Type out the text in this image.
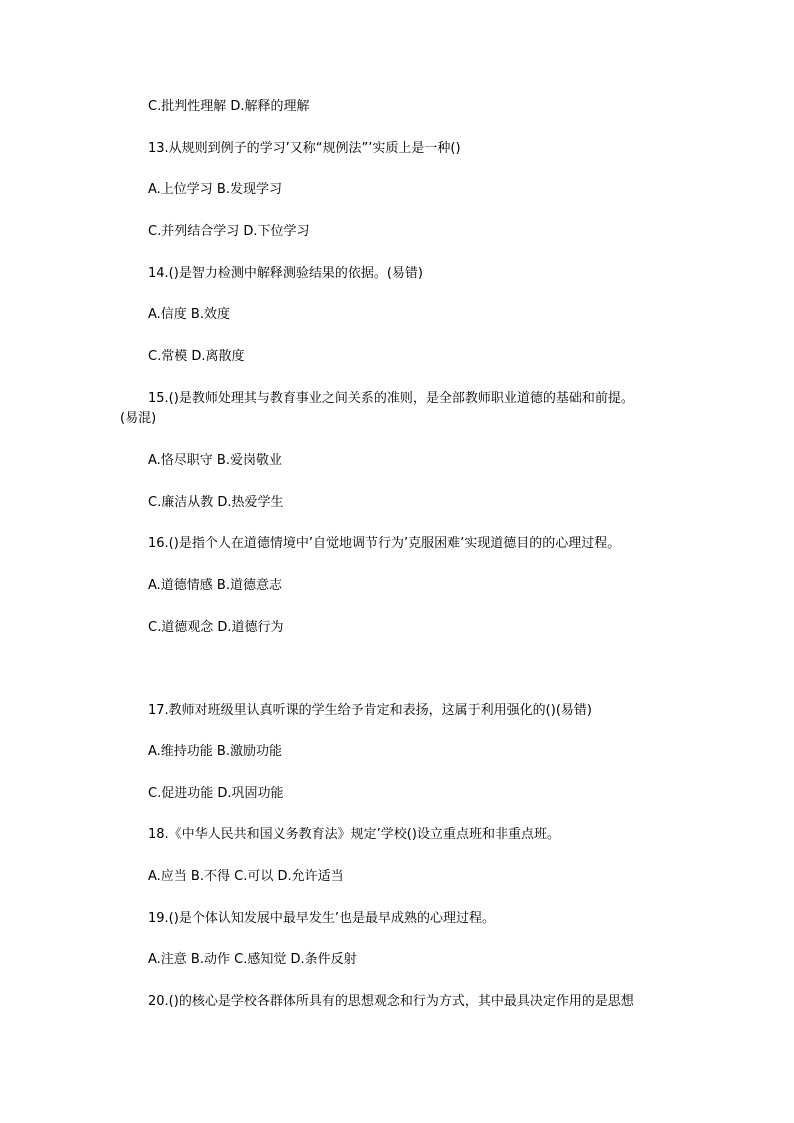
C.批判性理解 D.解释的理解
13.从规则到例子的学习’又称“规例法”’实质上是一种()
A.上位学习 B.发现学习
C.并列结合学习 D.下位学习
14.()是智力检测中解释测验结果的依据。(易错)
A.信度 B.效度
C.常模 D.离散度
15.()是教师处理其与教育事业之间关系的准则，是全部教师职业道德的基础和前提。
(易混)
A.恪尽职守 B.爱岗敬业
C.廉洁从教 D.热爱学生
16.()是指个人在道德情境中’自觉地调节行为’克服困难’实现道德目的的心理过程。
A.道德情感 B.道德意志
C.道德观念 D.道德行为
17.教师对班级里认真听课的学生给予肯定和表扬，这属于利用强化的()(易错)
A.维持功能 B.激励功能
C.促进功能 D.巩固功能
18.《中华人民共和国义务教育法》规定’学校()设立重点班和非重点班。
A.应当 B.不得 C.可以 D.允许适当
19.()是个体认知发展中最早发生’也是最早成熟的心理过程。
A.注意 B.动作 C.感知觉 D.条件反射
20.()的核心是学校各群体所具有的思想观念和行为方式，其中最具决定作用的是思想
